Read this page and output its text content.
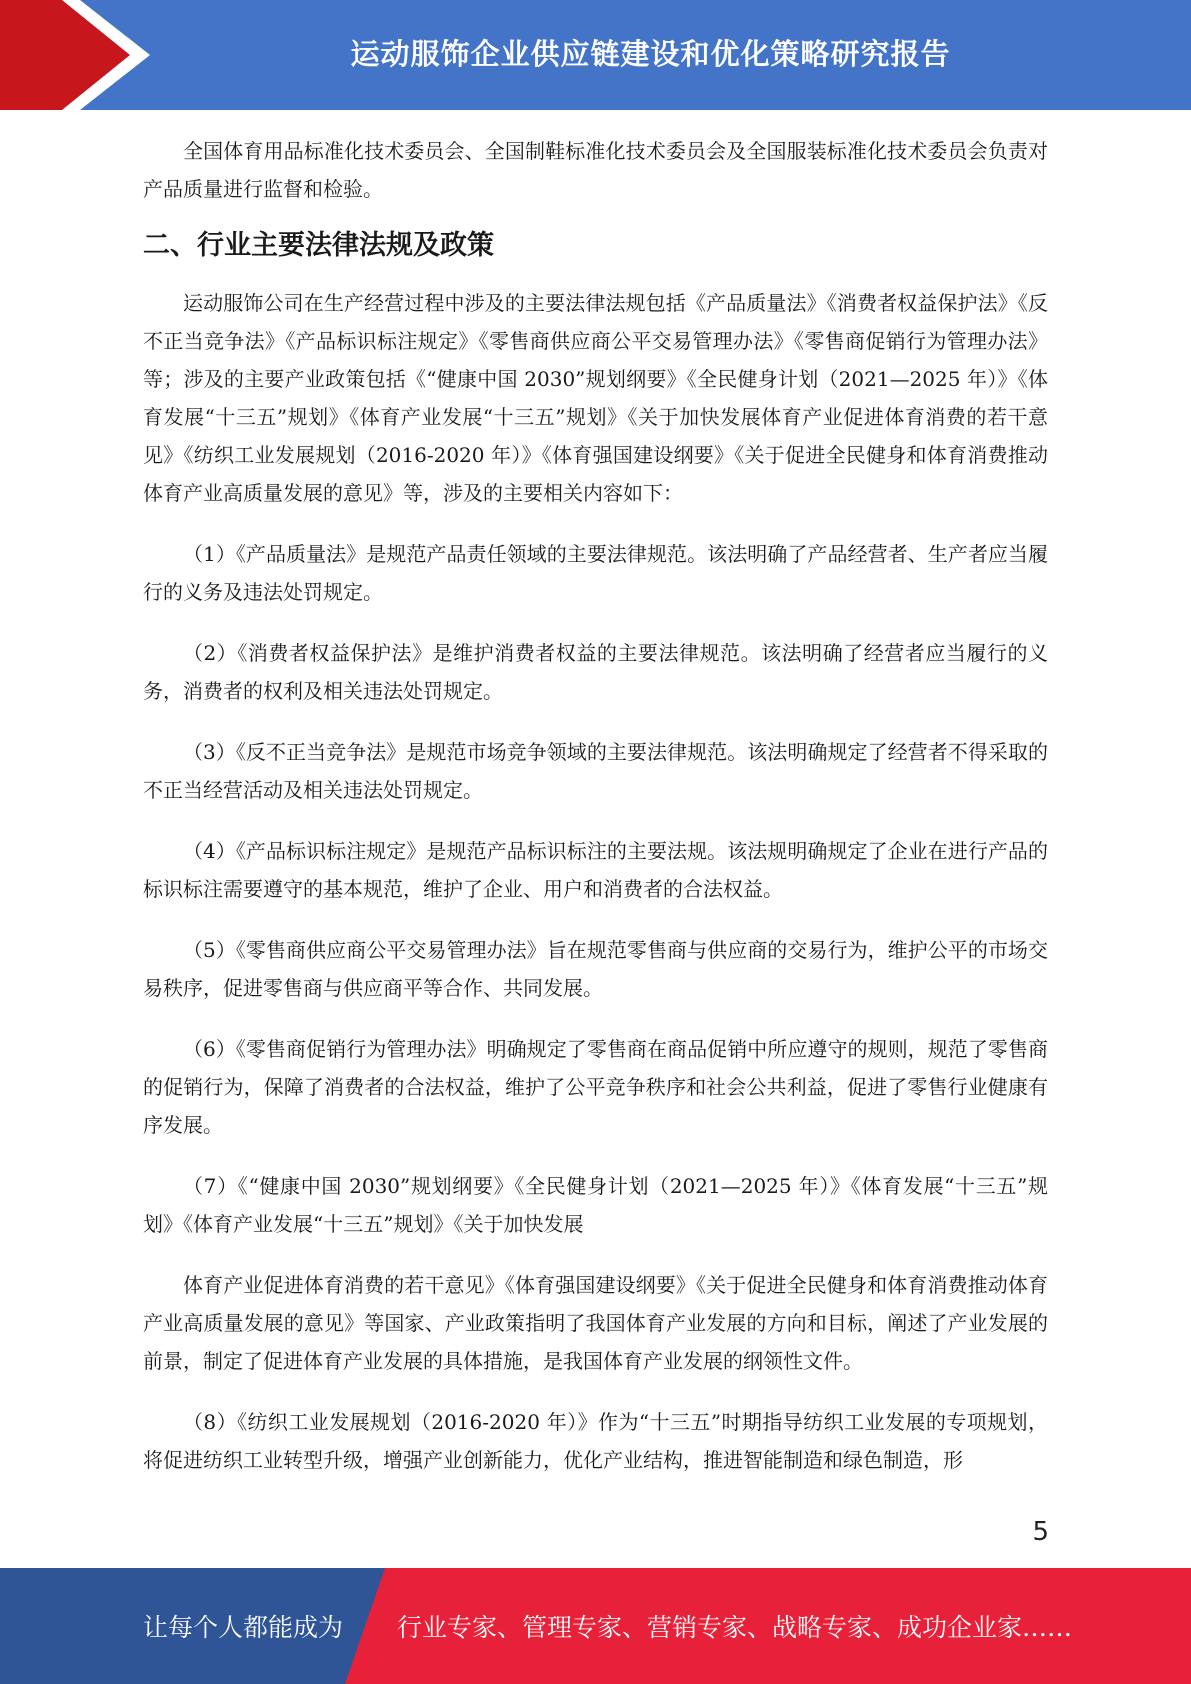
运动服饰企业供应链建设和优化策略研究报告

全国体育用品标准化技术委员会、全国制鞋标准化技术委员会及全国服装标准化技术委员会负责对产品质量进行监督和检验。

二、行业主要法律法规及政策

运动服饰公司在生产经营过程中涉及的主要法律法规包括《产品质量法》《消费者权益保护法》《反不正当竞争法》《产品标识标注规定》《零售商供应商公平交易管理办法》《零售商促销行为管理办法》等；涉及的主要产业政策包括《“健康中国 2030”规划纲要》《全民健身计划（2021—2025 年）》《体育发展“十三五”规划》《体育产业发展“十三五”规划》《关于加快发展体育产业促进体育消费的若干意见》《纺织工业发展规划（2016-2020 年）》《体育强国建设纲要》《关于促进全民健身和体育消费推动体育产业高质量发展的意见》等，涉及的主要相关内容如下：

（1）《产品质量法》是规范产品责任领域的主要法律规范。该法明确了产品经营者、生产者应当履行的义务及违法处罚规定。

（2）《消费者权益保护法》是维护消费者权益的主要法律规范。该法明确了经营者应当履行的义务，消费者的权利及相关违法处罚规定。

（3）《反不正当竞争法》是规范市场竞争领域的主要法律规范。该法明确规定了经营者不得采取的不正当经营活动及相关违法处罚规定。

（4）《产品标识标注规定》是规范产品标识标注的主要法规。该法规明确规定了企业在进行产品的标识标注需要遵守的基本规范，维护了企业、用户和消费者的合法权益。

（5）《零售商供应商公平交易管理办法》旨在规范零售商与供应商的交易行为，维护公平的市场交易秩序，促进零售商与供应商平等合作、共同发展。

（6）《零售商促销行为管理办法》明确规定了零售商在商品促销中所应遵守的规则，规范了零售商的促销行为，保障了消费者的合法权益，维护了公平竞争秩序和社会公共利益，促进了零售行业健康有序发展。

（7）《“健康中国 2030”规划纲要》《全民健身计划（2021—2025 年）》《体育发展“十三五”规划》《体育产业发展“十三五”规划》《关于加快发展

体育产业促进体育消费的若干意见》《体育强国建设纲要》《关于促进全民健身和体育消费推动体育产业高质量发展的意见》等国家、产业政策指明了我国体育产业发展的方向和目标，阐述了产业发展的前景，制定了促进体育产业发展的具体措施，是我国体育产业发展的纲领性文件。

（8）《纺织工业发展规划（2016-2020 年）》作为“十三五”时期指导纺织工业发展的专项规划，将促进纺织工业转型升级，增强产业创新能力，优化产业结构，推进智能制造和绿色制造，形

5
让每个人都能成为 行业专家、管理专家、营销专家、战略专家、成功企业家……
